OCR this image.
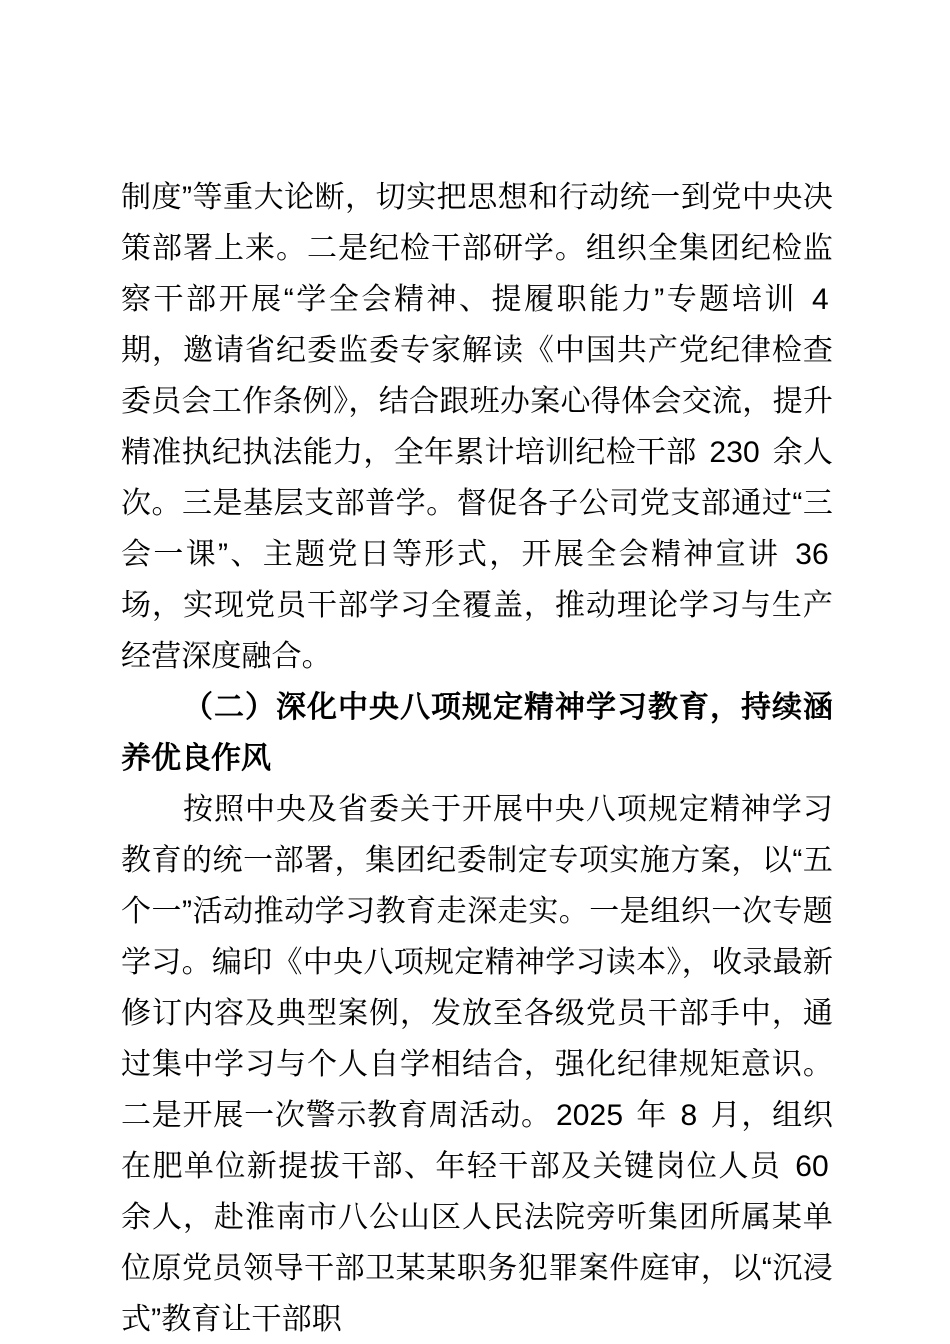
制度”等重大论断，切实把思想和行动统一到党中央决策部署上来。二是纪检干部研学。组织全集团纪检监察干部开展“学全会精神、提履职能力”专题培训 4 期，邀请省纪委监委专家解读《中国共产党纪律检查委员会工作条例》，结合跟班办案心得体会交流，提升精准执纪执法能力，全年累计培训纪检干部 230 余人次。三是基层支部普学。督促各子公司党支部通过“三会一课”、主题党日等形式，开展全会精神宣讲 36 场，实现党员干部学习全覆盖，推动理论学习与生产经营深度融合。

（二）深化中央八项规定精神学习教育，持续涵养优良作风

按照中央及省委关于开展中央八项规定精神学习教育的统一部署，集团纪委制定专项实施方案，以“五个一”活动推动学习教育走深走实。一是组织一次专题学习。编印《中央八项规定精神学习读本》，收录最新修订内容及典型案例，发放至各级党员干部手中，通过集中学习与个人自学相结合，强化纪律规矩意识。二是开展一次警示教育周活动。 2025 年 8 月，组织在肥单位新提拔干部、年轻干部及关键岗位人员 60 余人，赴淮南市八公山区人民法院旁听集团所属某单位原党员领导干部卫某某职务犯罪案件庭审，以“沉浸式”教育让干部职
